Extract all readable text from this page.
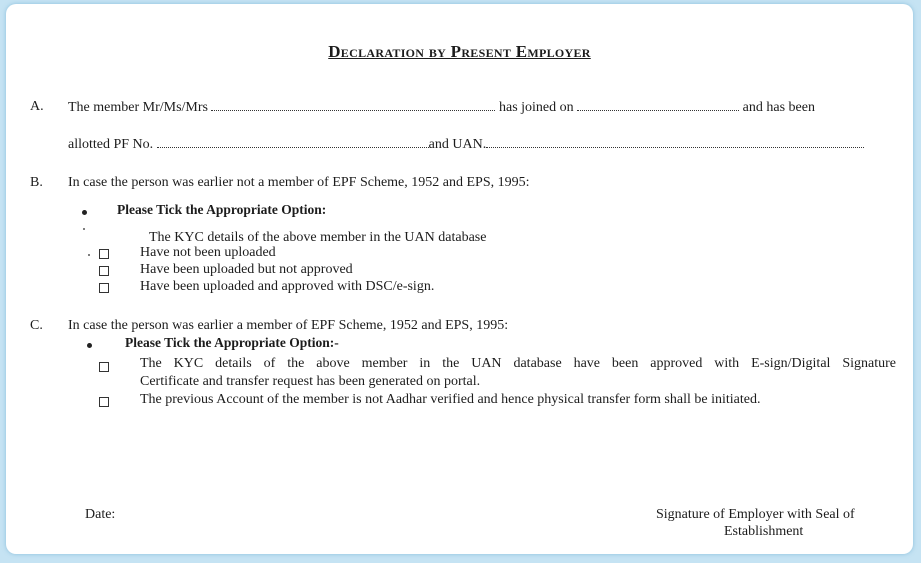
Declaration by Present Employer
A. The member Mr/Ms/Mrs	has joined on	and has been
allotted PF No.	and UAN.
B. In case the person was earlier not a member of EPF Scheme, 1952 and EPS, 1995:
Please Tick the Appropriate Option:
The KYC details of the above member in the UAN database
Have not been uploaded
Have been uploaded but not approved
Have been uploaded and approved with DSC/e-sign.
C. In case the person was earlier a member of EPF Scheme, 1952 and EPS, 1995:
Please Tick the Appropriate Option:-
The KYC details of the above member in the UAN database have been approved with E-sign/Digital Signature
Certificate and transfer request has been generated on portal.
The previous Account of the member is not Aadhar verified and hence physical transfer form shall be initiated.
Date:	Signature of Employer with Seal of
Establishment
